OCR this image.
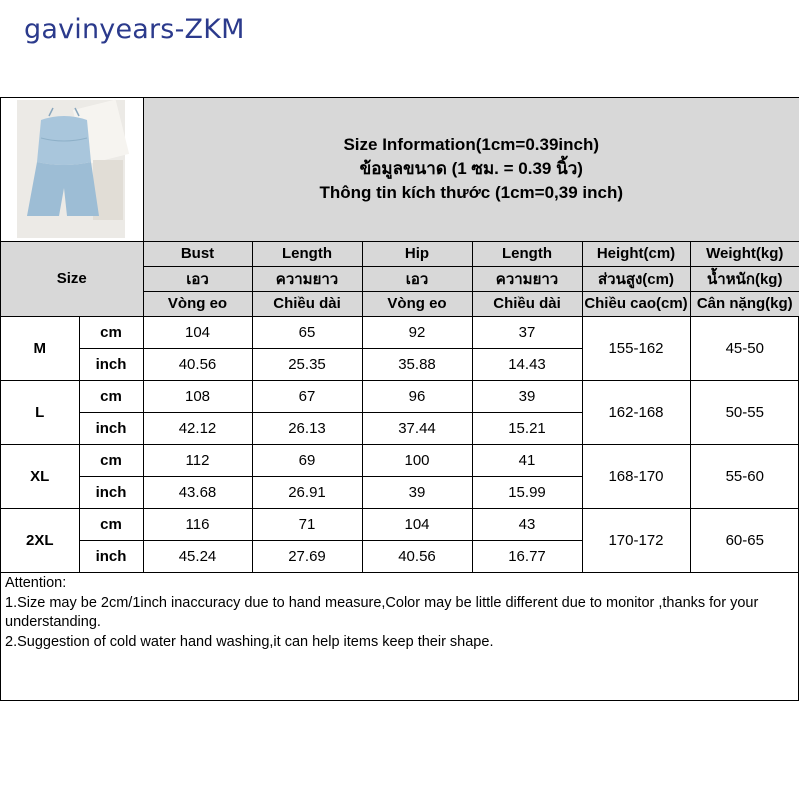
gavinyears-ZKM

Size Information(1cm=0.39inch)
ข้อมูลขนาด (1 ซม. = 0.39 นิ้ว)
Thông tin kích thước (1cm=0,39 inch)					

Size		Bust	Length	Hip	Length	Height(cm)	Weight(kg)
		เอว	ความยาว	เอว	ความยาว	ส่วนสูง(cm)	น้ำหนัก(kg)
		Vòng eo	Chiều dài	Vòng eo	Chiều dài	Chiều cao(cm)	Cân nặng(kg)
M	cm	104	65	92	37	155-162	45-50
	inch	40.56	25.35	35.88	14.43		
L	cm	108	67	96	39	162-168	50-55
	inch	42.12	26.13	37.44	15.21		
XL	cm	112	69	100	41	168-170	55-60
	inch	43.68	26.91	39	15.99		
2XL	cm	116	71	104	43	170-172	60-65
	inch	45.24	27.69	40.56	16.77		
Attention:
1.Size may be 2cm/1inch inaccuracy due to hand measure,Color may be little different due to monitor ,thanks for your understanding.
2.Suggestion of cold water hand washing,it can help items keep their shape.
